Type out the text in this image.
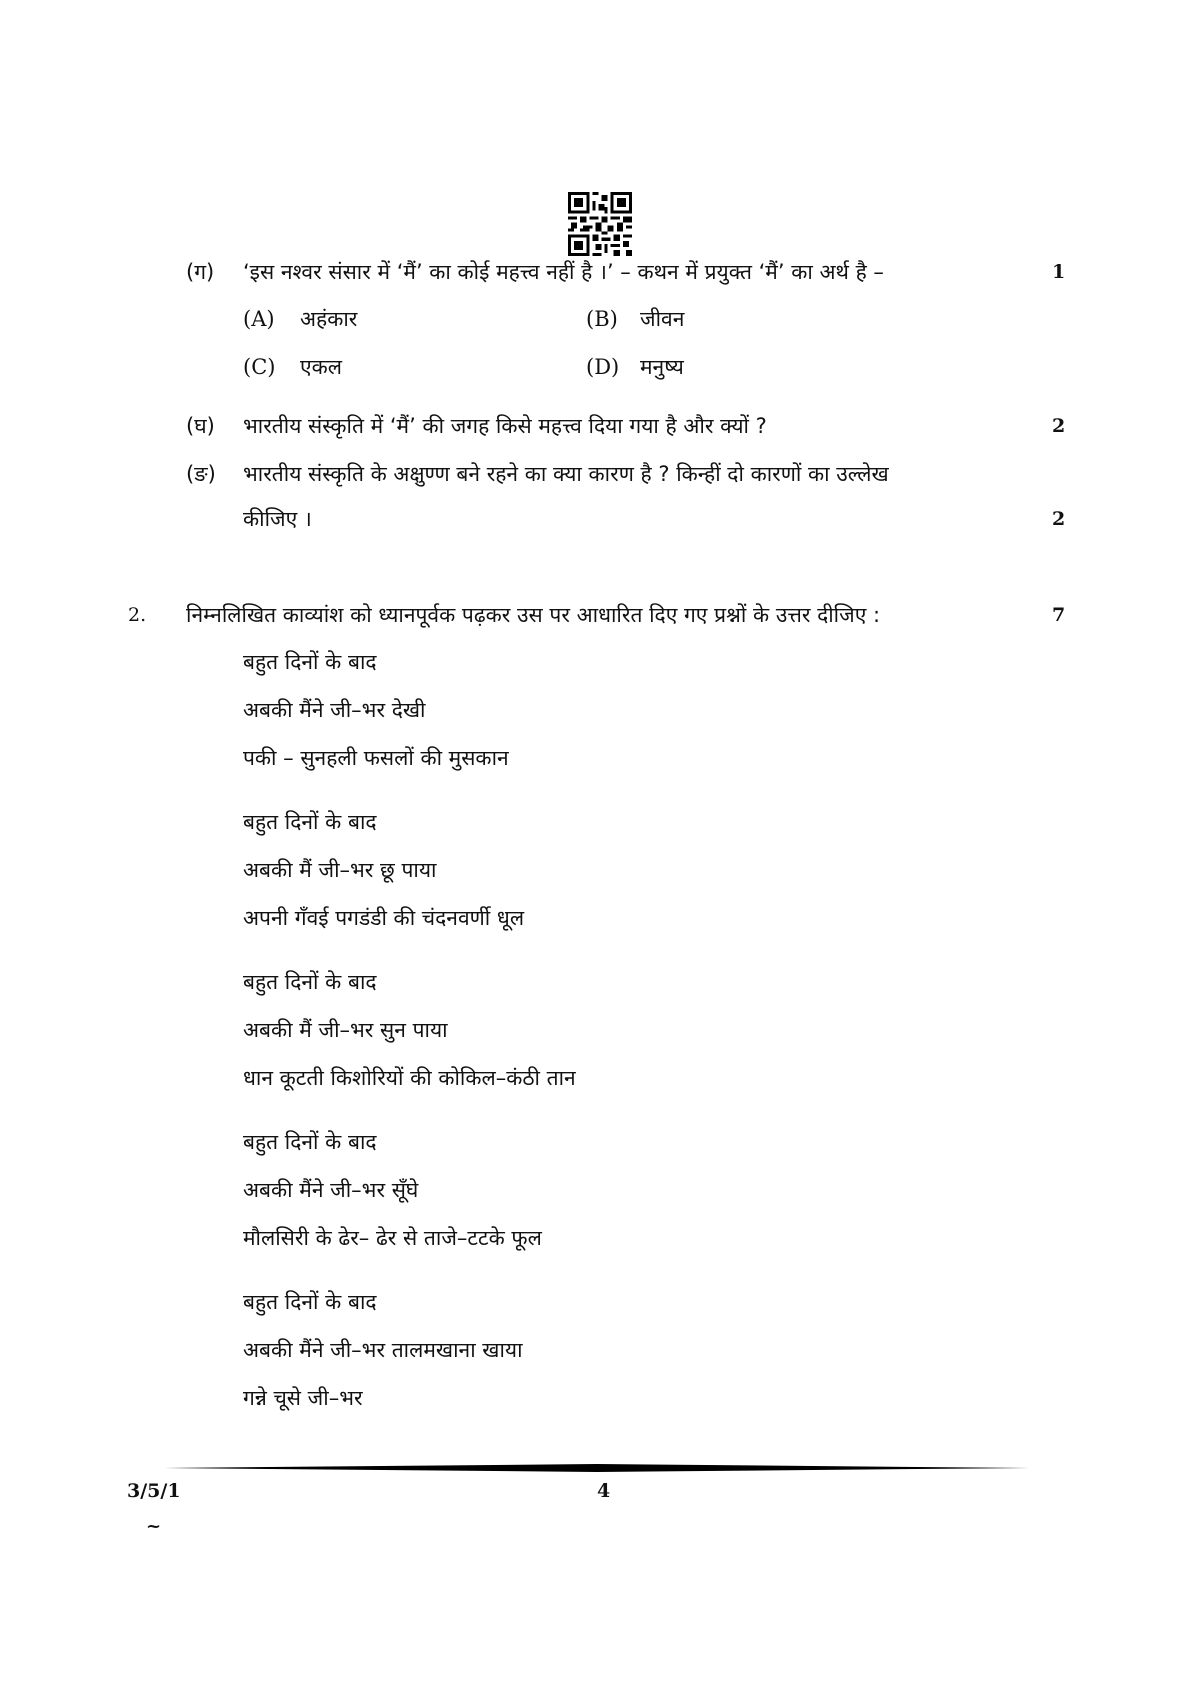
(ग) ‘इस नश्वर संसार में ‘मैं’ का कोई महत्त्व नहीं है ।’ – कथन में प्रयुक्त ‘मैं’ का अर्थ है –	1
(A) अहंकार	(B) जीवन
(C) एकल	(D) मनुष्य
(घ) भारतीय संस्कृति में ‘मैं’ की जगह किसे महत्त्व दिया गया है और क्यों ?	2
(ङ) भारतीय संस्कृति के अक्षुण्ण बने रहने का क्या कारण है ? किन्हीं दो कारणों का उल्लेख
कीजिए ।	2
2. निम्नलिखित काव्यांश को ध्यानपूर्वक पढ़कर उस पर आधारित दिए गए प्रश्नों के उत्तर दीजिए :	7
बहुत दिनों के बाद
अबकी मैंने जी–भर देखी
पकी – सुनहली फसलों की मुसकान
बहुत दिनों के बाद
अबकी मैं जी–भर छू पाया
अपनी गँवई पगडंडी की चंदनवर्णी धूल
बहुत दिनों के बाद
अबकी मैं जी–भर सुन पाया
धान कूटती किशोरियों की कोकिल–कंठी तान
बहुत दिनों के बाद
अबकी मैंने जी–भर सूँघे
मौलसिरी के ढेर– ढेर से ताजे–टटके फूल
बहुत दिनों के बाद
अबकी मैंने जी–भर तालमखाना खाया
गन्ने चूसे जी–भर
3/5/1	4
~
